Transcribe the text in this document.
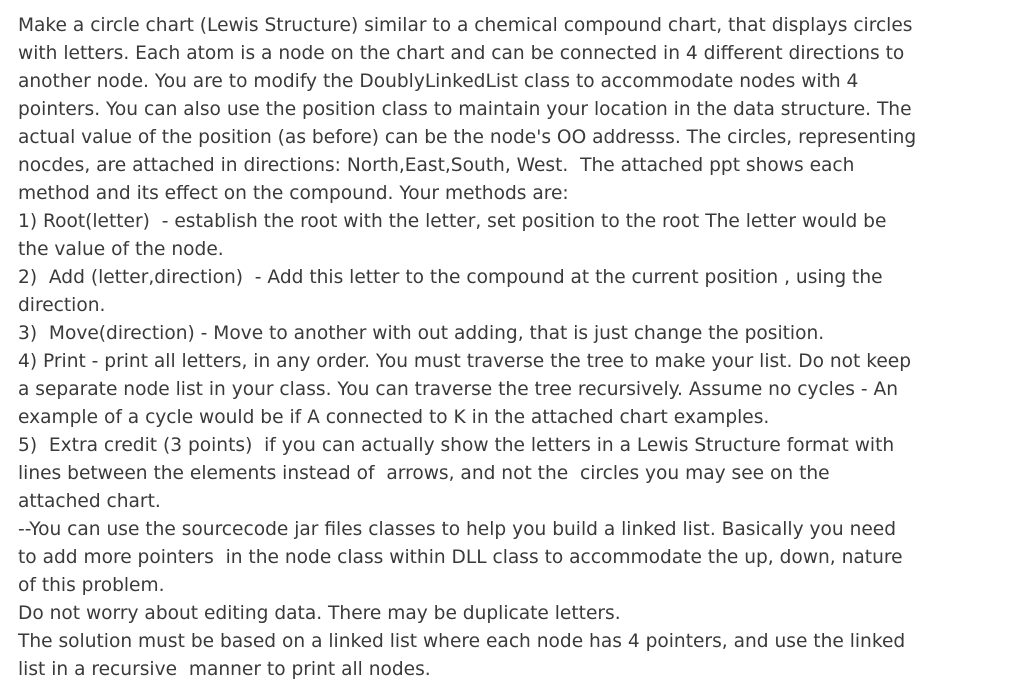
Make a circle chart (Lewis Structure) similar to a chemical compound chart, that displays circles
with letters. Each atom is a node on the chart and can be connected in 4 different directions to
another node. You are to modify the DoublyLinkedList class to accommodate nodes with 4
pointers. You can also use the position class to maintain your location in the data structure. The
actual value of the position (as before) can be the node's OO addresss. The circles, representing
nocdes, are attached in directions: North,East,South, West.  The attached ppt shows each
method and its effect on the compound. Your methods are:
1) Root(letter)  - establish the root with the letter, set position to the root The letter would be
the value of the node.
2)  Add (letter,direction)  - Add this letter to the compound at the current position , using the
direction.
3)  Move(direction) - Move to another with out adding, that is just change the position.
4) Print - print all letters, in any order. You must traverse the tree to make your list. Do not keep
a separate node list in your class. You can traverse the tree recursively. Assume no cycles - An
example of a cycle would be if A connected to K in the attached chart examples.
5)  Extra credit (3 points)  if you can actually show the letters in a Lewis Structure format with
lines between the elements instead of  arrows, and not the  circles you may see on the
attached chart.
--You can use the sourcecode jar files classes to help you build a linked list. Basically you need
to add more pointers  in the node class within DLL class to accommodate the up, down, nature
of this problem.
Do not worry about editing data. There may be duplicate letters.
The solution must be based on a linked list where each node has 4 pointers, and use the linked
list in a recursive  manner to print all nodes.
